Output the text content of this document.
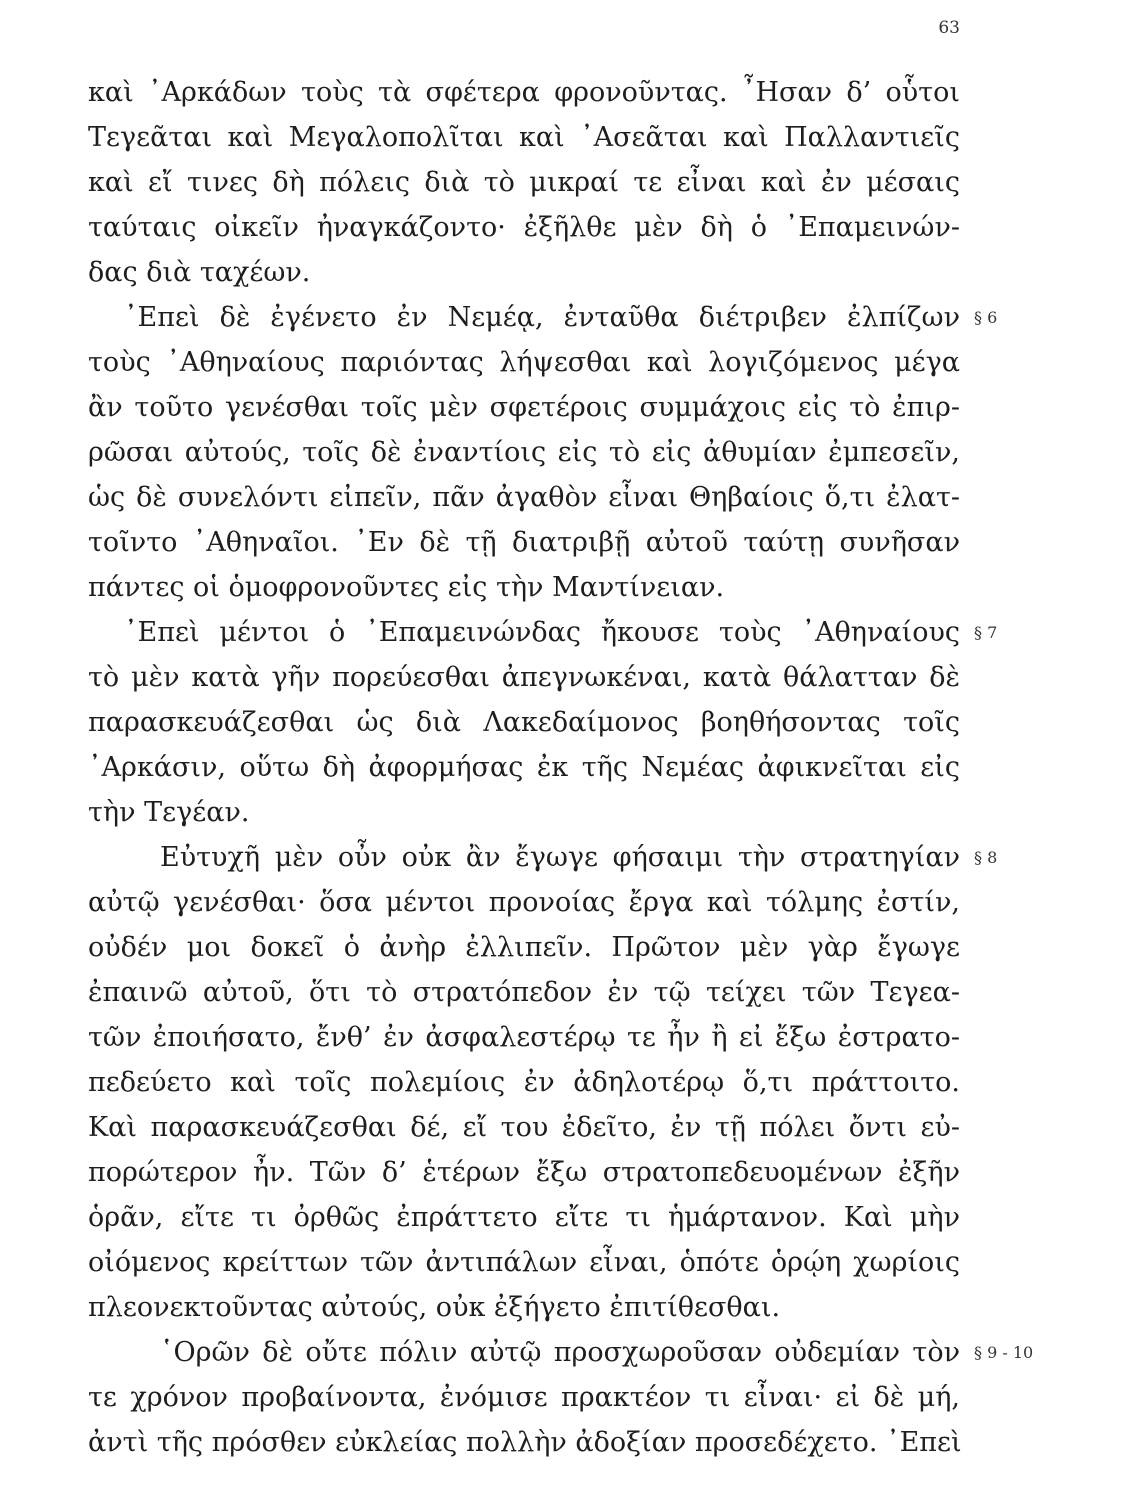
63
καὶ ᾿Αρκάδων τοὺς τὰ σφέτερα φρονοῦντας. ῏Ησαν δ’ οὗτοι
Τεγεᾶται καὶ Μεγαλοπολῖται καὶ ᾿Ασεᾶται καὶ Παλλαντιεῖς
καὶ εἴ τινες δὴ πόλεις διὰ τὸ μικραί τε εἶναι καὶ ἐν μέσαις
ταύταις οἰκεῖν ἠναγκάζοντο· ἐξῆλθε μὲν δὴ ὁ ᾿Επαμεινών-
δας διὰ ταχέων.
᾿Επεὶ δὲ ἐγένετο ἐν Νεμέᾳ, ἐνταῦθα διέτριβεν ἐλπίζων § 6
τοὺς ᾿Αθηναίους παριόντας λήψεσθαι καὶ λογιζόμενος μέγα
ἂν τοῦτο γενέσθαι τοῖς μὲν σφετέροις συμμάχοις εἰς τὸ ἐπιρ-
ρῶσαι αὐτούς, τοῖς δὲ ἐναντίοις εἰς τὸ εἰς ἀθυμίαν ἐμπεσεῖν,
ὡς δὲ συνελόντι εἰπεῖν, πᾶν ἀγαθὸν εἶναι Θηβαίοις ὅ,τι ἐλατ-
τοῖντο ᾿Αθηναῖοι. ᾿Εν δὲ τῇ διατριβῇ αὐτοῦ ταύτῃ συνῆσαν
πάντες οἱ ὁμοφρονοῦντες εἰς τὴν Μαντίνειαν.
᾿Επεὶ μέντοι ὁ ᾿Επαμεινώνδας ἤκουσε τοὺς ᾿Αθηναίους § 7
τὸ μὲν κατὰ γῆν πορεύεσθαι ἀπεγνωκέναι, κατὰ θάλατταν δὲ
παρασκευάζεσθαι ὡς διὰ Λακεδαίμονος βοηθήσοντας τοῖς
᾿Αρκάσιν, οὕτω δὴ ἀφορμήσας ἐκ τῆς Νεμέας ἀφικνεῖται εἰς
τὴν Τεγέαν.
Εὐτυχῆ μὲν οὖν οὐκ ἂν ἔγωγε φήσαιμι τὴν στρατηγίαν § 8
αὐτῷ γενέσθαι· ὅσα μέντοι προνοίας ἔργα καὶ τόλμης ἐστίν,
οὐδέν μοι δοκεῖ ὁ ἀνὴρ ἐλλιπεῖν. Πρῶτον μὲν γὰρ ἔγωγε
ἐπαινῶ αὐτοῦ, ὅτι τὸ στρατόπεδον ἐν τῷ τείχει τῶν Τεγεα-
τῶν ἐποιήσατο, ἔνθ’ ἐν ἀσφαλεστέρῳ τε ἦν ἢ εἰ ἔξω ἐστρατο-
πεδεύετο καὶ τοῖς πολεμίοις ἐν ἀδηλοτέρῳ ὅ,τι πράττοιτο.
Καὶ παρασκευάζεσθαι δέ, εἴ του ἐδεῖτο, ἐν τῇ πόλει ὄντι εὐ-
πορώτερον ἦν. Τῶν δ’ ἑτέρων ἔξω στρατοπεδευομένων ἐξῆν
ὁρᾶν, εἴτε τι ὀρθῶς ἐπράττετο εἴτε τι ἡμάρτανον. Καὶ μὴν
οἰόμενος κρείττων τῶν ἀντιπάλων εἶναι, ὁπότε ὁρῴη χωρίοις
πλεονεκτοῦντας αὐτούς, οὐκ ἐξήγετο ἐπιτίθεσθαι.
῾Ορῶν δὲ οὔτε πόλιν αὐτῷ προσχωροῦσαν οὐδεμίαν τὸν § 9 - 10
τε χρόνον προβαίνοντα, ἐνόμισε πρακτέον τι εἶναι· εἰ δὲ μή,
ἀντὶ τῆς πρόσθεν εὐκλείας πολλὴν ἀδοξίαν προσεδέχετο. ᾿Επεὶ
